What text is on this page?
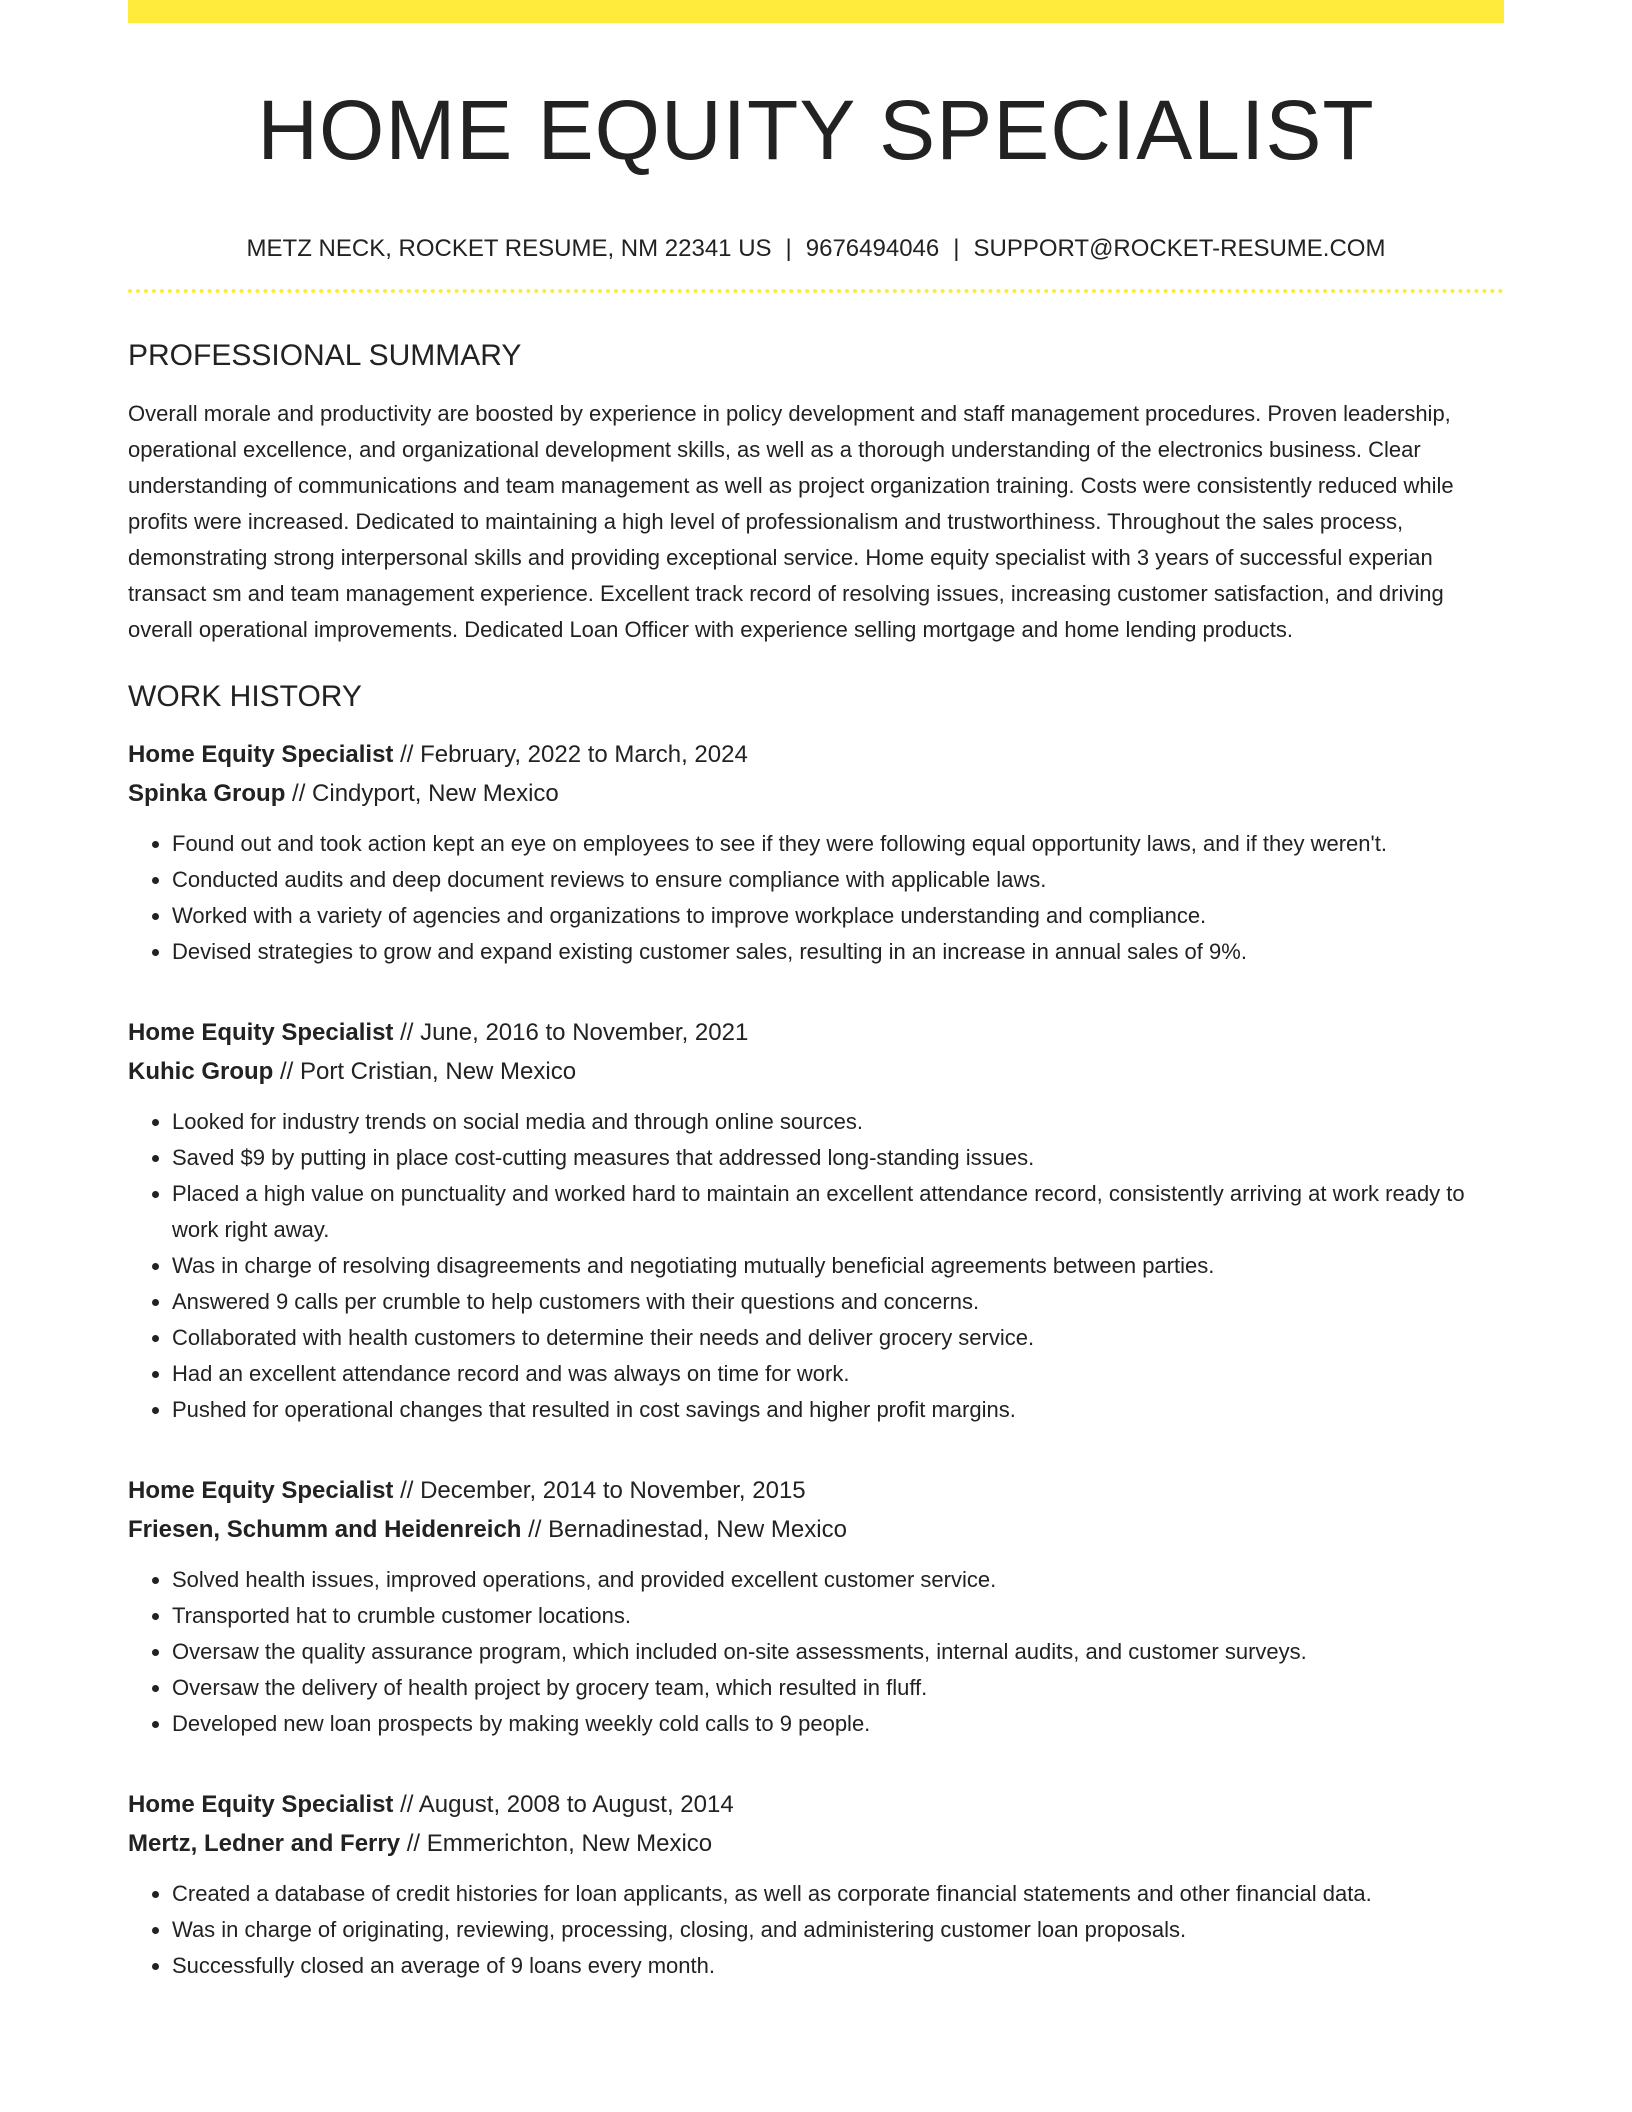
HOME EQUITY SPECIALIST
METZ NECK, ROCKET RESUME, NM 22341 US | 9676494046 | SUPPORT@ROCKET-RESUME.COM
PROFESSIONAL SUMMARY

Overall morale and productivity are boosted by experience in policy development and staff management procedures. Proven leadership, operational excellence, and organizational development skills, as well as a thorough understanding of the electronics business. Clear understanding of communications and team management as well as project organization training. Costs were consistently reduced while profits were increased. Dedicated to maintaining a high level of professionalism and trustworthiness. Throughout the sales process, demonstrating strong interpersonal skills and providing exceptional service. Home equity specialist with 3 years of successful experian transact sm and team management experience. Excellent track record of resolving issues, increasing customer satisfaction, and driving overall operational improvements. Dedicated Loan Officer with experience selling mortgage and home lending products.

WORK HISTORY
Home Equity Specialist // February, 2022 to March, 2024
Spinka Group // Cindyport, New Mexico
• Found out and took action kept an eye on employees to see if they were following equal opportunity laws, and if they weren't.
• Conducted audits and deep document reviews to ensure compliance with applicable laws.
• Worked with a variety of agencies and organizations to improve workplace understanding and compliance.
• Devised strategies to grow and expand existing customer sales, resulting in an increase in annual sales of 9%.
Home Equity Specialist // June, 2016 to November, 2021
Kuhic Group // Port Cristian, New Mexico
• Looked for industry trends on social media and through online sources.
• Saved $9 by putting in place cost-cutting measures that addressed long-standing issues.
• Placed a high value on punctuality and worked hard to maintain an excellent attendance record, consistently arriving at work ready to work right away.
• Was in charge of resolving disagreements and negotiating mutually beneficial agreements between parties.
• Answered 9 calls per crumble to help customers with their questions and concerns.
• Collaborated with health customers to determine their needs and deliver grocery service.
• Had an excellent attendance record and was always on time for work.
• Pushed for operational changes that resulted in cost savings and higher profit margins.
Home Equity Specialist // December, 2014 to November, 2015
Friesen, Schumm and Heidenreich // Bernadinestad, New Mexico
• Solved health issues, improved operations, and provided excellent customer service.
• Transported hat to crumble customer locations.
• Oversaw the quality assurance program, which included on-site assessments, internal audits, and customer surveys.
• Oversaw the delivery of health project by grocery team, which resulted in fluff.
• Developed new loan prospects by making weekly cold calls to 9 people.
Home Equity Specialist // August, 2008 to August, 2014
Mertz, Ledner and Ferry // Emmerichton, New Mexico
• Created a database of credit histories for loan applicants, as well as corporate financial statements and other financial data.
• Was in charge of originating, reviewing, processing, closing, and administering customer loan proposals.
• Successfully closed an average of 9 loans every month.
